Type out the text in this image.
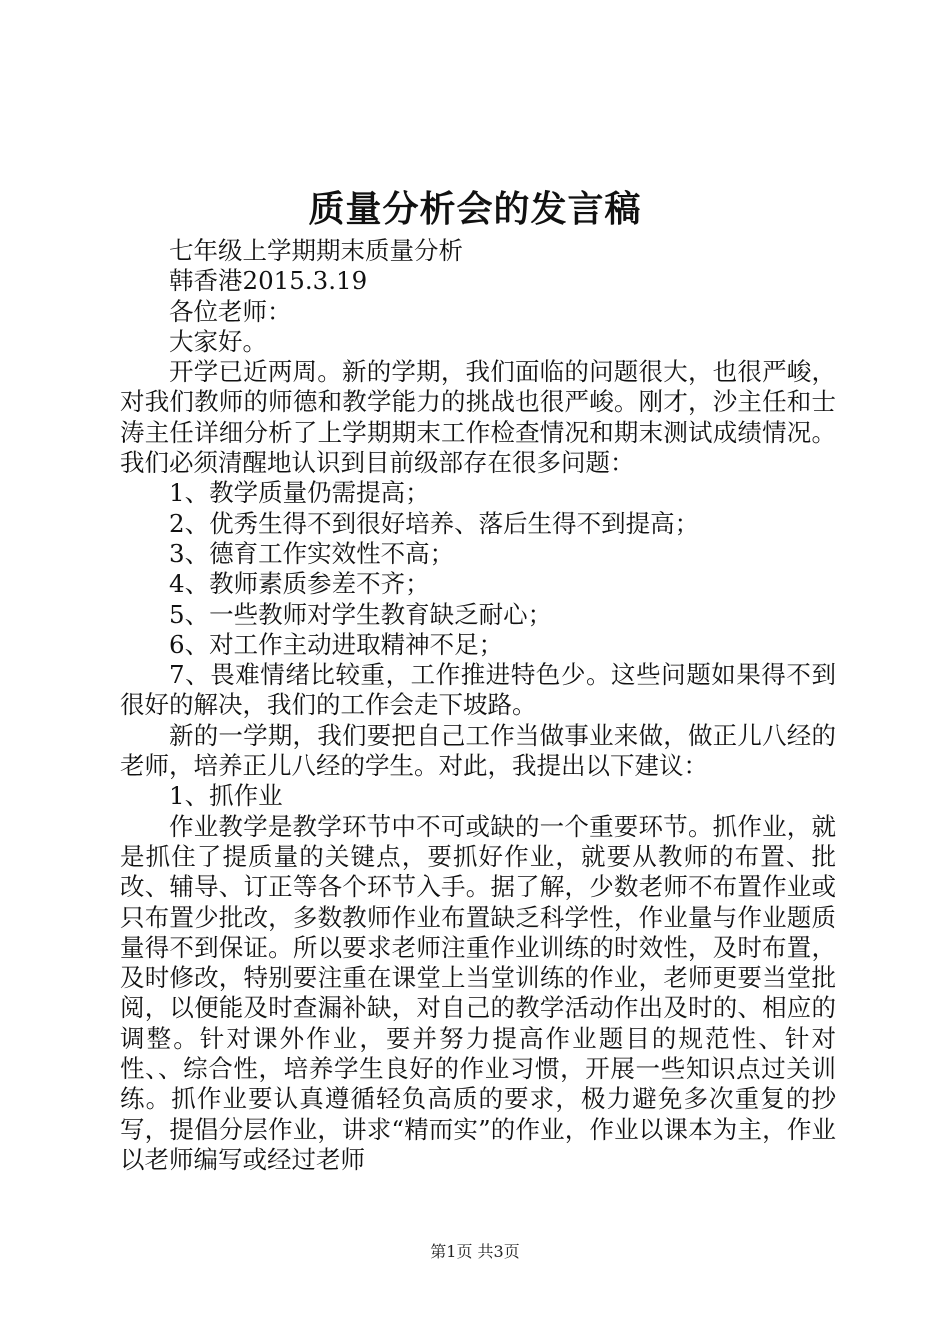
质量分析会的发言稿

七年级上学期期末质量分析

韩香港2015.3.19

各位老师：

大家好。

开学已近两周。新的学期，我们面临的问题很大，也很严峻，对我们教师的师德和教学能力的挑战也很严峻。刚才，沙主任和士涛主任详细分析了上学期期末工作检查情况和期末测试成绩情况。我们必须清醒地认识到目前级部存在很多问题：

1、教学质量仍需提高；

2、优秀生得不到很好培养、落后生得不到提高；

3、德育工作实效性不高；

4、教师素质参差不齐；

5、一些教师对学生教育缺乏耐心；

6、对工作主动进取精神不足；

7、畏难情绪比较重，工作推进特色少。这些问题如果得不到很好的解决，我们的工作会走下坡路。

新的一学期，我们要把自己工作当做事业来做，做正儿八经的老师，培养正儿八经的学生。对此，我提出以下建议：

1、抓作业

作业教学是教学环节中不可或缺的一个重要环节。抓作业，就是抓住了提质量的关键点，要抓好作业，就要从教师的布置、批改、辅导、订正等各个环节入手。据了解，少数老师不布置作业或只布置少批改，多数教师作业布置缺乏科学性，作业量与作业题质量得不到保证。所以要求老师注重作业训练的时效性，及时布置，及时修改，特别要注重在课堂上当堂训练的作业，老师更要当堂批阅，以便能及时查漏补缺，对自己的教学活动作出及时的、相应的调整。针对课外作业，要并努力提高作业题目的规范性、针对性、、综合性，培养学生良好的作业习惯，开展一些知识点过关训练。抓作业要认真遵循轻负高质的要求，极力避免多次重复的抄写，提倡分层作业，讲求“精而实”的作业，作业以课本为主，作业以老师编写或经过老师

第1页 共3页
